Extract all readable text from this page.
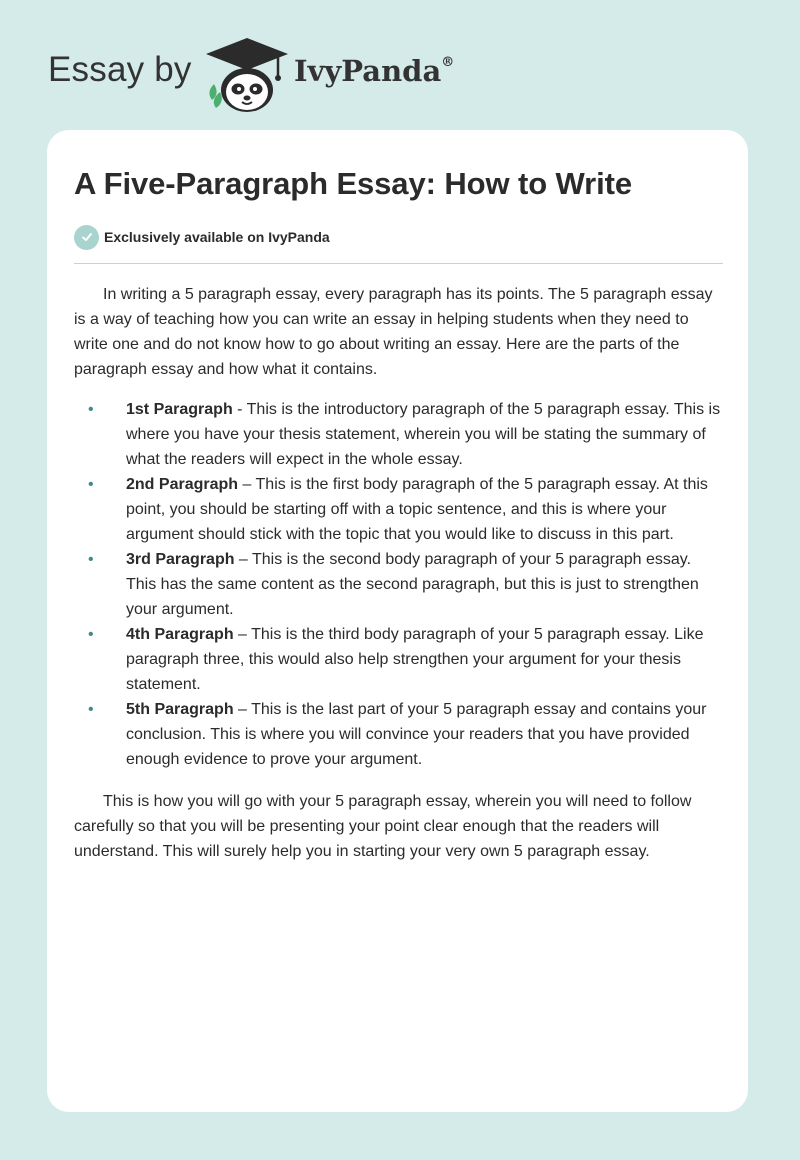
Essay by	IvyPanda®
A Five-Paragraph Essay: How to Write
Exclusively available on IvyPanda

In writing a 5 paragraph essay, every paragraph has its points. The 5 paragraph essay is a way of teaching how you can write an essay in helping students when they need to write one and do not know how to go about writing an essay. Here are the parts of the paragraph essay and how what it contains.

• 1st Paragraph - This is the introductory paragraph of the 5 paragraph essay. This is where you have your thesis statement, wherein you will be stating the summary of what the readers will expect in the whole essay.
• 2nd Paragraph – This is the first body paragraph of the 5 paragraph essay. At this point, you should be starting off with a topic sentence, and this is where your argument should stick with the topic that you would like to discuss in this part.
• 3rd Paragraph – This is the second body paragraph of your 5 paragraph essay. This has the same content as the second paragraph, but this is just to strengthen your argument.
• 4th Paragraph – This is the third body paragraph of your 5 paragraph essay. Like paragraph three, this would also help strengthen your argument for your thesis statement.
• 5th Paragraph – This is the last part of your 5 paragraph essay and contains your conclusion. This is where you will convince your readers that you have provided enough evidence to prove your argument.

This is how you will go with your 5 paragraph essay, wherein you will need to follow carefully so that you will be presenting your point clear enough that the readers will understand. This will surely help you in starting your very own 5 paragraph essay.
